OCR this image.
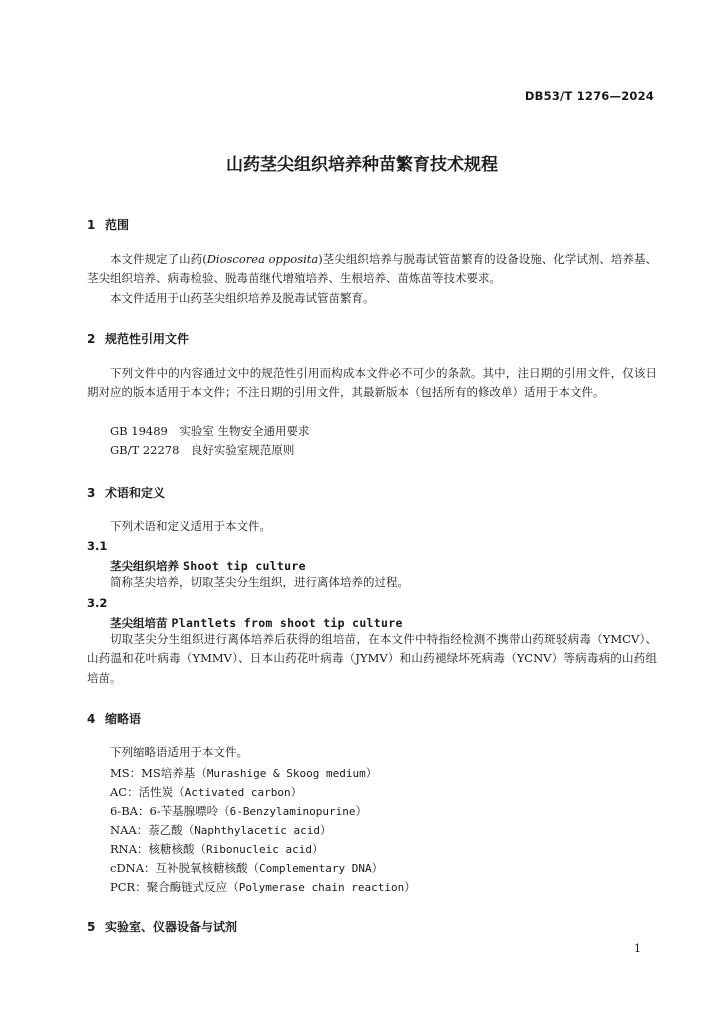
DB53/T 1276—2024
山药茎尖组织培养种苗繁育技术规程
1 范围
本文件规定了山药(Dioscorea opposita)茎尖组织培养与脱毒试管苗繁育的设备设施、化学试剂、培养基、茎尖组织培养、病毒检验、脱毒苗继代增殖培养、生根培养、苗炼苗等技术要求。
本文件适用于山药茎尖组织培养及脱毒试管苗繁育。
2 规范性引用文件
下列文件中的内容通过文中的规范性引用而构成本文件必不可少的条款。其中，注日期的引用文件，仅该日期对应的版本适用于本文件；不注日期的引用文件，其最新版本（包括所有的修改单）适用于本文件。
GB 19489　实验室 生物安全通用要求
GB/T 22278　良好实验室规范原则
3 术语和定义
下列术语和定义适用于本文件。
3.1
茎尖组织培养 Shoot tip culture
简称茎尖培养，切取茎尖分生组织，进行离体培养的过程。
3.2
茎尖组培苗 Plantlets from shoot tip culture
切取茎尖分生组织进行离体培养后获得的组培苗，在本文件中特指经检测不携带山药斑驳病毒（YMCV）、山药温和花叶病毒（YMMV）、日本山药花叶病毒（JYMV）和山药褪绿坏死病毒（YCNV）等病毒病的山药组培苗。
4 缩略语
下列缩略语适用于本文件。
MS：MS培养基（Murashige & Skoog medium）
AC：活性炭（Activated carbon）
6-BA：6-苄基腺嘌呤（6-Benzylaminopurine）
NAA：萘乙酸（Naphthylacetic acid）
RNA：核糖核酸（Ribonucleic acid）
cDNA：互补脱氧核糖核酸（Complementary DNA）
PCR：聚合酶链式反应（Polymerase chain reaction）
5 实验室、仪器设备与试剂
1
